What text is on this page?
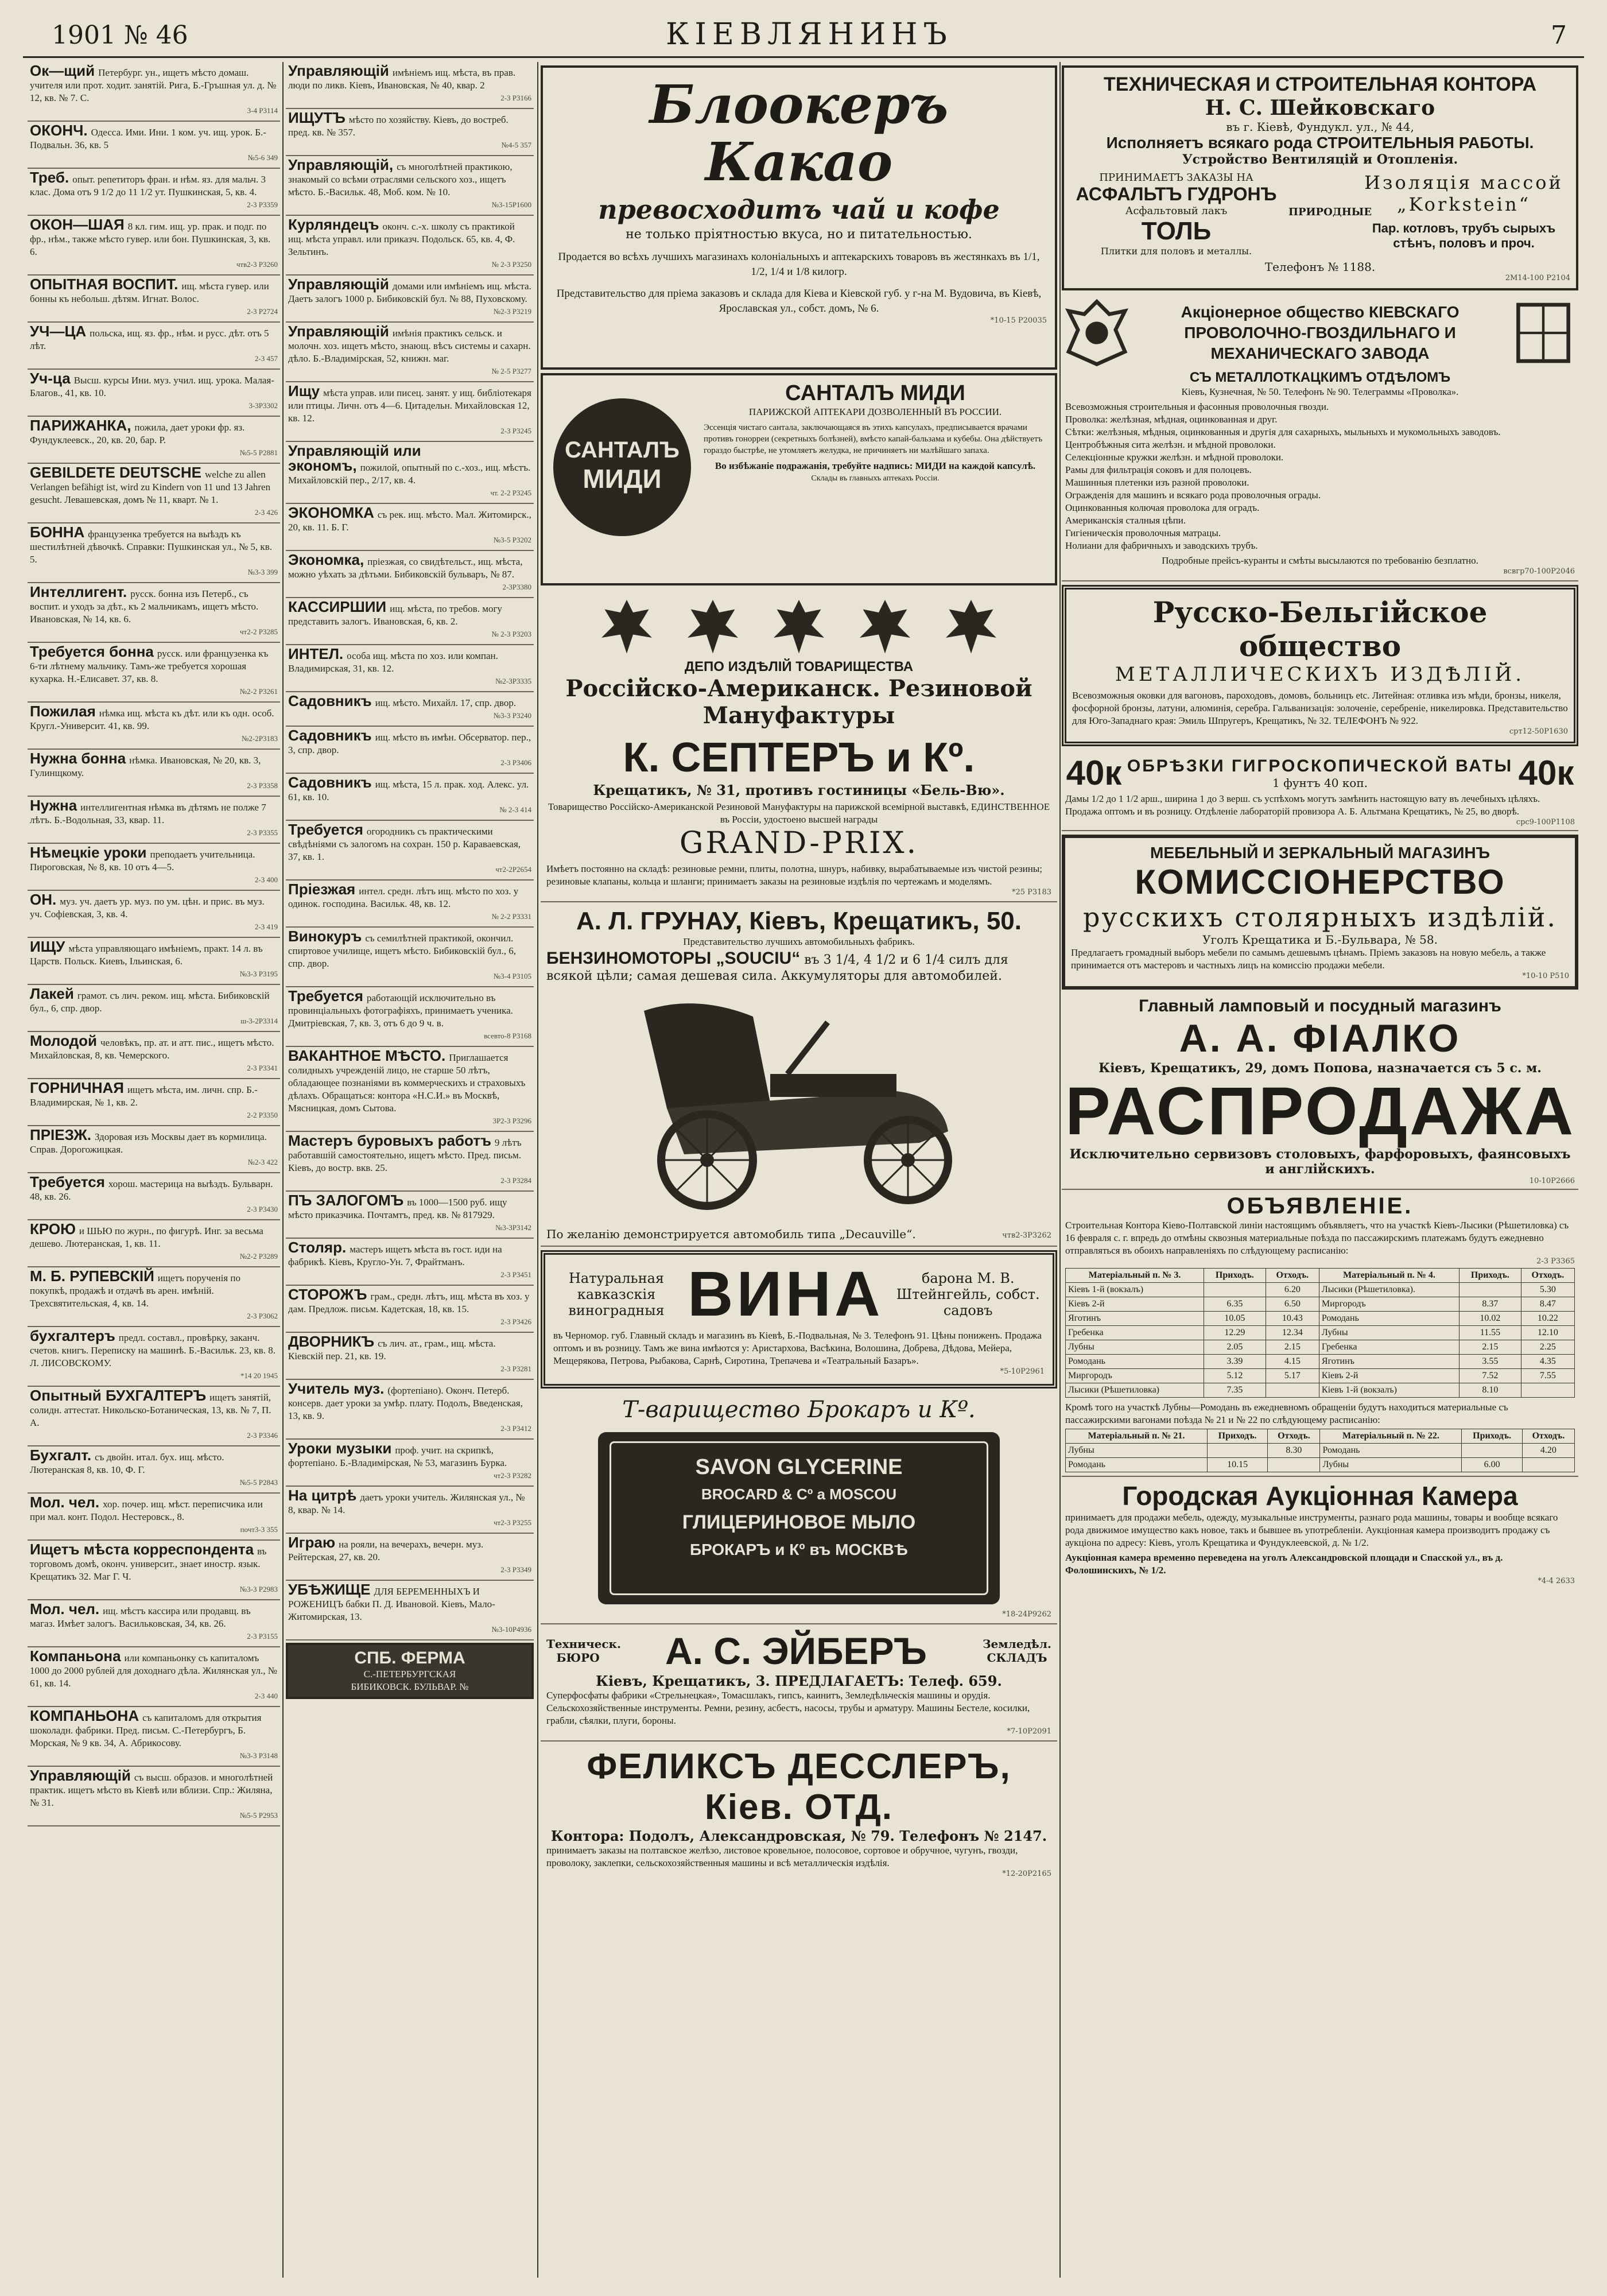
1901 № 46	КІЕВЛЯНИНЪ	7
Ок—щий Петербург. ун., ищетъ мѣсто домаш. учителя или прот. ходит. занятій. Рига, Б.-Гръшная ул. д. № 12, кв. № 7. С.
3-4 Р3114
ОКОНЧ. Одесса. Ими. Ини. 1 ком. уч. ищ. урок. Б.-Подвальн. 36, кв. 5
№5-6 349
Треб. опыт. репетиторъ фран. и нѣм. яз. для мальч. 3 клас. Дома отъ 9 1/2 до 11 1/2 ут. Пушкинская, 5, кв. 4.
2-3 Р3359
ОКОН—ШАЯ 8 кл. гим. ищ. ур. прак. и подг. по фр., нѣм., также мѣсто гувер. или бон. Пушкинская, 3, кв. 6.
чтв2-3 Р3260
ОПЫТНАЯ ВОСПИТ. ищ. мѣста гувер. или бонны къ небольш. дѣтям. Игнат. Волос.
2-3 Р2724
УЧ—ЦА польска, ищ. яз. фр., нѣм. и русс. дѣт. отъ 5 лѣт.
2-3 457
Уч-ца Высш. курсы Ини. муз. учил. ищ. урока. Малая-Благов., 41, кв. 10.
3-3Р3302
ПАРИЖАНКА, пожила, дает уроки фр. яз. Фундуклеевск., 20, кв. 20, бар. Р.
№5-5 Р2881
GEBILDETE DEUTSCHE welche zu allen Verlangen befähigt ist, wird zu Kindern von 11 und 13 Jahren gesucht. Левашевская, домъ № 11, кварт. № 1.
2-3 426
БОННА французенка требуется на выѣздъ къ шестилѣтней дѣвочкѣ. Справки: Пушкинская ул., № 5, кв. 5.
№3-3 399
Интеллигент. русск. бонна изъ Петерб., съ воспит. и уходъ за дѣт., къ 2 мальчикамъ, ищетъ мѣсто. Ивановская, № 14, кв. 6.
чт2-2 Р3285
Требуется бонна русск. или французенка къ 6-ти лѣтнему мальчику. Тамъ-же требуется хорошая кухарка. Н.-Елисавет. 37, кв. 8.
№2-2 Р3261
Пожилая нѣмка ищ. мѣста къ дѣт. или къ одн. особ. Кругл.-Университ. 41, кв. 99.
№2-2Р3183
Нужна бонна нѣмка. Ивановская, № 20, кв. 3, Гулинщкому.
2-3 Р3358
Нужна интеллигентная нѣмка въ дѣтямъ не полже 7 лѣтъ. Б.-Водольная, 33, квар. 11.
2-3 Р3355
Нѣмецкіе уроки преподаетъ учительница. Пироговская, № 8, кв. 10 отъ 4—5.
2-3 400
ОН. муз. уч. даетъ ур. муз. по ум. цѣн. и прис. въ муз. уч. Софіевская, 3, кв. 4.
2-3 419
ИЩУ мѣста управляющаго имѣнiемъ, практ. 14 л. въ Царств. Польск. Киевъ, Ільинская, 6.
№3-3 Р3195
Лакей грамот. съ лич. реком. ищ. мѣста. Бибиковскій бул., 6, спр. двор.
ш-3-2Р3314
Молодой человѣкъ, пр. ат. и атт. пис., ищетъ мѣсто. Михайловская, 8, кв. Чемерского.
2-3 Р3341
ГОРНИЧНАЯ ищетъ мѣста, им. личн. спр. Б.-Владимирская, № 1, кв. 2.
2-2 Р3350
ПРІЕЗЖ. Здоровая изъ Москвы дает въ кормилица. Справ. Дорогожицкая.
№2-3 422
Требуется хорош. мастерица на выѣздъ. Бульварн. 48, кв. 26.
2-3 Р3430
КРОЮ и ШЬЮ по журн., по фигурѣ. Инг. за весьма дешево. Лютеранская, 1, кв. 11.
№2-2 Р3289
М. Б. РУПЕВСКІЙ ищетъ порученія по покупкѣ, продажѣ и отдачѣ въ арен. имѣній. Трехсвятительская, 4, кв. 14.
2-3 Р3062
бухгалтеръ предл. составл., провѣрку, заканч. счетов. книгъ. Переписку на машинѣ. Б.-Васильк. 23, кв. 8. Л. ЛИСОВСКОМУ.
*14 20 1945
Опытный БУХГАЛТЕРЪ ищетъ занятій, солидн. аттестат. Никольско-Ботаническая, 13, кв. № 7, П. А.
2-3 Р3346
Бухгалт. съ двойн. итал. бух. ищ. мѣсто. Лютеранская 8, кв. 10, Ф. Г.
№5-5 Р2843
Мол. чел. хор. почер. ищ. мѣст. переписчика или при мал. конт. Подол. Нестеровск., 8.
почт3-3 355
Ищетъ мѣста корреспондента въ торговомъ домѣ, оконч. университ., знает иностр. язык. Крещатикъ 32. Маг Г. Ч.
№3-3 Р2983
Мол. чел. ищ. мѣстъ кассира или продавщ. въ магаз. Имѣет залогъ. Васильковская, 34, кв. 26.
2-3 Р3155
Компаньона или компаньонку съ капиталомъ 1000 до 2000 рублей для доходнаго дѣла. Жилянская ул., № 61, кв. 14.
2-3 440
КОМПАНЬОНА съ капиталомъ для открытия шоколадн. фабрики. Пред. письм. С.-Петербургъ, Б. Морская, № 9 кв. 34, А. Абрикосову.
№3-3 Р3148
Управляющій съ высш. образов. и многолѣтней практик. ищетъ мѣсто въ Кіевѣ или вблизи. Спр.: Жиляна, № 31.
№5-5 Р2953
Управляющій имѣніемъ ищ. мѣста, въ прав. люди по ликв. Кіевъ, Ивановская, № 40, квар. 2
2-3 Р3166
ИЩУТЪ мѣсто по хозяйству. Кіевъ, до востреб. пред. кв. № 357.
№4-5 357
Управляющій, съ многолѣтней практикою, знакомый со всѣми отраслями сельского хоз., ищетъ мѣсто. Б.-Васильк. 48, Моб. ком. № 10.
№3-15Р1600
Курляндецъ оконч. с.-х. школу съ практикой ищ. мѣста управл. или приказч. Подольск. 65, кв. 4, Ф. Зельтинъ.
№ 2-3 Р3250
Управляющій домами или имѣніемъ ищ. мѣста. Даетъ залогъ 1000 р. Бибиковскій бул. № 88, Пуховскому.
№2-3 Р3219
Управляющій имѣнія практикъ сельск. и молочн. хоз. ищетъ мѣсто, знающ. вѣсъ системы и сахарн. дѣло. Б.-Владимірская, 52, книжн. маг.
№ 2-5 Р3277
Ищу мѣста управ. или писец. занят. у ищ. библіотекаря или птицы. Личн. отъ 4—6. Цитадельн. Михайловская 12, кв. 12.
2-3 Р3245
Управляющій или экономъ, пожилой, опытный по с.-хоз., ищ. мѣстъ. Михайловскій пер., 2/17, кв. 4.
чт. 2-2 Р3245
ЭКОНОМКА съ рек. ищ. мѣсто. Мал. Житомирск., 20, кв. 11. Б. Г.
№3-5 Р3202
Экономка, пріезжая, со свидѣтельст., ищ. мѣста, можно уѣхать за дѣтьми. Бибиковскій бульваръ, № 87.
2-3Р3380
КАССИРШИИ ищ. мѣста, по требов. могу представить залогъ. Ивановская, 6, кв. 2.
№ 2-3 Р3203
ИНТЕЛ. особа ищ. мѣста по хоз. или компан. Владимирская, 31, кв. 12.
№2-3Р3335
Садовникъ ищ. мѣсто. Михайл. 17, спр. двор.
№3-3 Р3240
Садовникъ ищ. мѣсто въ имѣн. Обсерватор. пер., 3, спр. двор.
2-3 Р3406
Садовникъ ищ. мѣста, 15 л. прак. ход. Алекс. ул. 61, кв. 10.
№ 2-3 414
Требуется огородникъ съ практическими свѣдѣніями съ залогомъ на сохран. 150 р. Караваевская, 37, кв. 1.
чт2-2Р2654
Пріезжая интел. средн. лѣтъ ищ. мѣсто по хоз. у одинок. господина. Васильк. 48, кв. 12.
№ 2-2 Р3331
Винокуръ съ семилѣтней практикой, окончил. спиртовое училище, ищетъ мѣсто. Бибиковскій бул., 6, спр. двор.
№3-4 Р3105
Требуется работающій исключительно въ провинціальныхъ фотографіяхъ, принимаетъ ученика. Дмитріевская, 7, кв. 3, отъ 6 до 9 ч. в.
всевто-8 Р3168
ВАКАНТНОЕ МѢСТО. Приглашается солидныхъ учрежденій лицо, не старше 50 лѣтъ, обладающее познаніями въ коммерческихъ и страховыхъ дѣлахъ. Обращаться: контора «Н.С.И.» въ Москвѣ, Мясницкая, домъ Сытова.
3Р2-3 Р3296
Мастеръ буровыхъ работъ 9 лѣтъ работавшій самостоятельно, ищетъ мѣсто. Пред. письм. Кіевъ, до востр. вкв. 25.
2-3 Р3284
ПЪ ЗАЛОГОМЪ въ 1000—1500 руб. ищу мѣсто приказчика. Почтамтъ, пред. кв. № 817929.
№3-3Р3142
Столяр. мастеръ ищетъ мѣста въ гост. иди на фабрикѣ. Кіевъ, Кругло-Ун. 7, Фрайтманъ.
2-3 Р3451
СТОРОЖЪ грам., средн. лѣтъ, ищ. мѣста въ хоз. у дам. Предлож. письм. Кадетская, 18, кв. 15.
2-3 Р3426
ДВОРНИКЪ съ лич. ат., грам., ищ. мѣста. Кіевскій пер. 21, кв. 19.
2-3 Р3281
Учитель муз. (фортепіано). Оконч. Петерб. консерв. дает уроки за умѣр. плату. Подолъ, Введенская, 13, кв. 9.
2-3 Р3412
Уроки музыки проф. учит. на скрипкѣ, фортепіано. Б.-Владимірская, № 53, магазинъ Бурка.
чт2-3 Р3282
На цитрѣ даетъ уроки учитель. Жилянская ул., № 8, квар. № 14.
чт2-3 Р3255
Играю на рояли, на вечерахъ, вечерн. муз. Рейтерская, 27, кв. 20.
2-3 Р3349
УБѢЖИЩЕ ДЛЯ БЕРЕМЕННЫХЪ И РОЖЕНИЦЪ бабки П. Д. Ивановой. Кіевъ, Мало-Житомирская, 13.
№3-10Р4936
СПБ. ФЕРМА
С.-ПЕТЕРБУРГСКАЯ
БИБИКОВСК. БУЛЬВАР. №
Блоокеръ Какао
превосходитъ чай и кофе
не только пріятностью вкуса, но и питательностью.
Продается во всѣхъ лучшихъ магазинахъ колоніальныхъ и аптекарскихъ товаровъ въ жестянкахъ въ 1/1, 1/2, 1/4 и 1/8 килогр.
Представительство для пріема заказовъ и склада для Кіева и Кіевской губ. у г-на М. Вудовича, въ Кіевѣ, Ярославская ул., собст. домъ, № 6.
*10-15 Р20035
САНТАЛЪ
МИДИ
САНТАЛЪ МИДИ
ПАРИЖСКОЙ АПТЕКАРИ ДОЗВОЛЕННЫЙ ВЪ РОССИИ.
Эссенція чистаго сантала, заключающаяся въ этихъ капсулахъ, предписывается врачами противъ гонорреи (секретныхъ болѣзней), вмѣсто капай-бальзама и кубебы. Она дѣйствуетъ гораздо быстрѣе, не утомляетъ желудка, не причиняетъ ни малѣйшаго запаха.
Во избѣжаніе подражанія, требуйте надпись: МИДИ на каждой капсулѣ.
Склады въ главныхъ аптекахъ Россіи.
ДЕПО ИЗДѢЛІЙ ТОВАРИЩЕСТВА
Россійско-Американск. Резиновой Мануфактуры
К. СЕПТЕРЪ и Кº.
Крещатикъ, № 31, противъ гостиницы «Бель-Вю».
Товарищество Россійско-Американской Резиновой Мануфактуры на парижской всемірной выставкѣ, ЕДИНСТВЕННОЕ въ Россіи, удостоено высшей награды
GRAND-PRIX.
Имѣетъ постоянно на складѣ: резиновые ремни, плиты, полотна, шнуръ, набивку, вырабатываемые изъ чистой резины; резиновые клапаны, кольца и шланги; принимаетъ заказы на резиновые издѣлія по чертежамъ и моделямъ.
*25 Р3183
А. Л. ГРУНАУ, Кіевъ, Крещатикъ, 50.
Представительство лучшихъ автомобильныхъ фабрикъ.
БЕНЗИНОМОТОРЫ „SOUCIU“ въ 3 1/4, 4 1/2 и 6 1/4 силъ для всякой цѣли; самая дешевая сила. Аккумуляторы для автомобилей.
По желанію демонстрируется автомобиль типа „Decauville“.	чтв2-3Р3262
Натуральная кавказскія виноградныя ВИНА	барона М. В. Штейнгейль, собст. садовъ
въ Черномор. губ. Главный складъ и магазинъ въ Кіевѣ, Б.-Подвальная, № 3. Телефонъ 91. Цѣны пониженъ. Продажа оптомъ и въ розницу. Тамъ же вина имѣются у: Аристархова, Васѣкина, Волошина, Добрева, Дѣдова, Мейера, Мещерякова, Петрова, Рыбакова, Сарнѣ, Сиротина, Трепачева и «Театральный Базаръ».
*5-10Р2961
Т-варищество Брокаръ и Кº.
SAVON GLYCERINE
BROCARD & Cº a MOSCOU
ГЛИЦЕРИНОВОЕ МЫЛО
БРОКАРЪ и Кº въ МОСКВѢ
*18-24Р9262
Техническ. БЮРО	А. С. ЭЙБЕРЪ	Земледѣл. СКЛАДЪ
Кіевъ, Крещатикъ, 3. ПРЕДЛАГАЕТЪ: Телеф. 659.
Суперфосфаты фабрики «Стрельнецкая», Томасшлакъ, гипсъ, каинитъ, Земледѣльческія машины и орудія. Сельскохозяйственные инструменты. Ремни, резину, асбестъ, насосы, трубы и арматуру. Машины Бестеле, косилки, грабли, сѣялки, плуги, бороны.
*7-10Р2091
ФЕЛИКСЪ ДЕССЛЕРЪ, Кіев. ОТД.
Контора: Подолъ, Александровская, № 79. Телефонъ № 2147.
принимаетъ заказы на полтавское желѣзо, листовое кровельное, полосовое, сортовое и обручное, чугунъ, гвозди, проволоку, заклепки, сельскохозяйственныя машины и всѣ металлическія издѣлія.
*12-20Р2165
ТЕХНИЧЕСКАЯ И СТРОИТЕЛЬНАЯ КОНТОРА
Н. С. Шейковскаго
въ г. Кіевѣ, Фундукл. ул., № 44,
Исполняетъ всякаго рода СТРОИТЕЛЬНЫЯ РАБОТЫ.
Устройство Вентиляцій и Отопленія.
ПРИНИМАЕТЪ ЗАКАЗЫ НА
АСФАЛЬТЪ ГУДРОНЪ
Асфальтовый лакъ
ТОЛЬ
Плитки для половъ и металлы.
ПРИРОДНЫЕ
Изоляція массой „Korkstein“
Пар. котловъ, трубъ сырыхъ стѣнъ, половъ и проч.
Телефонъ № 1188.
2М14-100 Р2104
Акціонерное общество КІЕВСКАГО ПРОВОЛОЧНО-ГВОЗДИЛЬНАГО И МЕХАНИЧЕСКАГО ЗАВОДА
СЪ МЕТАЛЛОТКАЦКИМЪ ОТДѢЛОМЪ
Кіевъ, Кузнечная, № 50. Телефонъ № 90. Телеграммы «Проволка».
Всевозможныя строительныя и фасонныя проволочныя гвозди.
Проволка: желѣзная, мѣдная, оцинкованная и друг.
Сѣтки: желѣзныя, мѣдныя, оцинкованныя и другія для сахарныхъ, мыльныхъ и мукомольныхъ заводовъ.
Центробѣжныя сита желѣзн. и мѣдной проволоки.
Селекціонные кружки желѣзн. и мѣдной проволоки.
Рамы для фильтрація соковъ и для полоцевъ.
Машинныя плетенки изъ разной проволоки.
Огражденія для машинъ и всякаго рода проволочныя ограды.
Оцинкованныя колючая проволока для оградъ.
Американскія сталныя цѣпи.
Гигіеническія проволочныя матрацы.
Нолиани для фабричныхъ и заводскихъ трубъ.
Подробные прейсъ-куранты и смѣты высылаются по требованію безплатно.
всвгр70-100Р2046
Русско-Бельгійское общество
МЕТАЛЛИЧЕСКИХЪ ИЗДѢЛІЙ.
Всевозможныя оковки для вагоновъ, пароходовъ, домовъ, больницъ etc. Литейная: отливка изъ мѣди, бронзы, никеля, фосфорной бронзы, латуни, алюминія, серебра. Гальванизація: золоченіе, серебреніе, никелировка. Представительство для Юго-Западнаго края: Эмиль Шпругеръ, Крещатикъ, № 32. ТЕЛЕФОНЪ № 922.
срт12-50Р1630
40к ОБРѢЗКИ ГИГРОСКОПИЧЕСКОЙ ВАТЫ
1 фунтъ 40 коп.	40к
Дамы 1/2 до 1 1/2 арш., ширина 1 до 3 верш. съ успѣхомъ могутъ замѣнить настоящую вату въ лечебныхъ цѣляхъ. Продажа оптомъ и въ розницу. Отдѣленіе лабораторій провизора А. Б. Альтмана Крещатикъ, № 25, во дворѣ.
срс9-100Р1108
МЕБЕЛЬНЫЙ И ЗЕРКАЛЬНЫЙ МАГАЗИНЪ
КОМИССІОНЕРСТВО
русскихъ столярныхъ издѣлій.
Уголъ Крещатика и Б.-Бульвара, № 58.
Предлагаетъ громадный выборъ мебели по самымъ дешевымъ цѣнамъ. Пріемъ заказовъ на новую мебель, а также принимается отъ мастеровъ и частныхъ лицъ на комиссію продажи мебели.
*10-10 Р510
Главный ламповый и посудный магазинъ
А. А. ФІАЛКО
Кіевъ, Крещатикъ, 29, домъ Попова, назначается съ 5 с. м.
РАСПРОДАЖА
Исключительно сервизовъ столовыхъ, фарфоровыхъ, фаянсовыхъ и англійскихъ.
10-10Р2666
ОБЪЯВЛЕНІЕ.
Строительная Контора Кіево-Полтавской линіи настоящимъ объявляетъ, что на участкѣ Кіевъ-Лысики (Рѣшетиловка) съ 16 февраля с. г. впредь до отмѣны сквозныя материальные поѣзда по пассажирскимъ платежамъ будутъ ежедневно отправляться въ обоихъ направленіяхъ по слѣдующему расписанію:
2-3 Р3365
Матеріальный п. № 3.	Приходъ.	Отходъ.	Матеріальный п. № 4.	Приходъ.	Отходъ.
Кіевъ 1-й (вокзалъ)		6.20	Лысики (Рѣшетиловка).		5.30
Кіевъ 2-й	6.35	6.50	Миргородъ	8.37	8.47
Яготинъ	10.05	10.43	Ромодань	10.02	10.22
Гребенка	12.29	12.34	Лубны	11.55	12.10
Лубны	2.05	2.15	Гребенка	2.15	2.25
Ромодань	3.39	4.15	Яготинъ	3.55	4.35
Миргородъ	5.12	5.17	Кіевъ 2-й	7.52	7.55
Лысики (Рѣшетиловка)	7.35		Кіевъ 1-й (вокзалъ)	8.10	
Кромѣ того на участкѣ Лубны—Ромодань въ ежедневномъ обращеніи будутъ находиться материальные съ пассажирскими вагонами поѣзда № 21 и № 22 по слѣдующему расписанію:
Матеріальный п. № 21.	Приходъ.	Отходъ.	Матеріальный п. № 22.	Приходъ.	Отходъ.
Лубны		8.30	Ромодань		4.20
Ромодань	10.15		Лубны	6.00	
Городская Аукціонная Камера
принимаетъ для продажи мебель, одежду, музыкальные инструменты, разнаго рода машины, товары и вообще всякаго рода движимое имущество какъ новое, такъ и бывшее въ употребленіи. Аукціонная камера производитъ продажу съ аукціона по адресу: Кіевъ, уголъ Крещатика и Фундуклеевской, д. № 1/2.
Аукціонная камера временно переведена на уголъ Александровской площади и Спасской ул., въ д. Фолошинскихъ, № 1/2.
*4-4 2633
